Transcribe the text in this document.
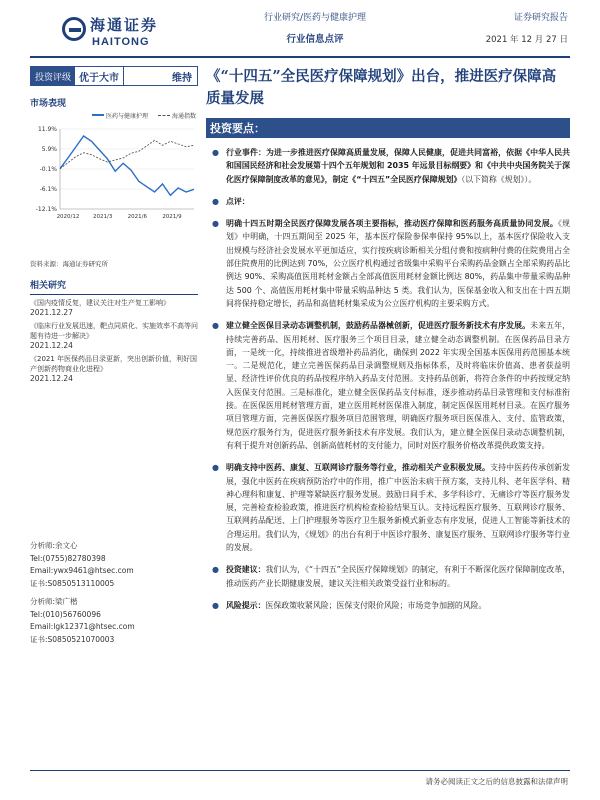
海通证券
HAITONG
行业研究/医药与健康护理
行业信息点评
证券研究报告
2021 年 12 月 27 日
投资评级 优于大市	维持
市场表现
医药与健康护理	海通指数
11.9%
5.9%
-0.1%
-6.1%
-12.1%
2020/12 2021/3	2021/6	2021/9
资料来源：海通证券研究所
相关研究
《国内疫情反复，建议关注对生产复工影响》
2021.12.27
《临床行业发展迅速，靶点同质化、实施效率不高等问题有待进一步解决》
2021.12.24
《2021 年医保药品目录更新，突出创新价值，利好国产创新药物商业化进程》
2021.12.24
分析师:余文心
Tel:(0755)82780398
Email:ywx9461@htsec.com
证书:S0850513110005
分析师:梁广楷
Tel:(010)56760096
Email:lgk12371@htsec.com
证书:S0850521070003
《“十四五”全民医疗保障规划》出台，推进医疗保障高质量发展
投资要点：
● 行业事件：为进一步推进医疗保障高质量发展，保障人民健康，促进共同富裕，依据《中华人民共和国国民经济和社会发展第十四个五年规划和 2035 年远景目标纲要》和《中共中央国务院关于深化医疗保障制度改革的意见》，制定《“十四五”全民医疗保障规划》（以下简称《规划》）。
● 点评：
● 明确十四五时期全民医疗保障发展各项主要指标，推动医疗保障和医药服务高质量协同发展。《规划》中明确，十四五期间至 2025 年，基本医疗保险参保率保持 95%以上，基本医疗保险收入支出规模与经济社会发展水平更加适应，实行按疾病诊断相关分组付费和按病种付费的住院费用占全部住院费用的比例达到 70%，公立医疗机构通过省级集中采购平台采购药品金额占全部采购药品比例达 90%、采购高值医用耗材金额占全部高值医用耗材金额比例达 80%，药品集中带量采购品种达 500 个、高值医用耗材集中带量采购品种达 5 类。我们认为，医保基金收入和支出在十四五期间将保持稳定增长，药品和高值耗材集采成为公立医疗机构的主要采购方式。
● 建立健全医保目录动态调整机制，鼓励药品器械创新，促进医疗服务新技术有序发展。未来五年，持续完善药品、医用耗材、医疗服务三个项目目录，建立健全动态调整机制。在医保药品目录方面，一是统一化，持续推进省级增补药品消化，确保到 2022 年实现全国基本医保用药范围基本统一。二是规范化，建立完善医保药品目录调整规则及指标体系，及时将临床价值高、患者获益明显、经济性评价优良的药品按程序纳入药品支付范围。支持药品创新，将符合条件的中药按规定纳入医保支付范围。三是标准化，建立健全医保药品支付标准，逐步推动药品目录管理和支付标准衔接。在医保医用耗材管理方面，建立医用耗材医保准入制度，制定医保医用耗材目录。在医疗服务项目管理方面，完善医保医疗服务项目范围管理，明确医疗服务项目医保准入、支付、监管政策，规范医疗服务行为，促进医疗服务新技术有序发展。我们认为，建立健全医保目录动态调整机制，有利于提升对创新药品、创新高值耗材的支付能力，同时对医疗服务价格改革提供政策支持。
● 明确支持中医药、康复、互联网诊疗服务等行业，推动相关产业积极发展。支持中医药传承创新发展，强化中医药在疾病预防治疗中的作用，推广中医治未病干预方案，支持儿科、老年医学科、精神心理科和康复、护理等紧缺医疗服务发展。鼓励日间手术、多学科诊疗、无痛诊疗等医疗服务发展，完善检查检验政策，推进医疗机构检查检验结果互认。支持远程医疗服务、互联网诊疗服务、互联网药品配送、上门护理服务等医疗卫生服务新模式新业态有序发展，促进人工智能等新技术的合理运用。我们认为，《规划》的出台有利于中医诊疗服务、康复医疗服务、互联网诊疗服务等行业的发展。
● 投资建议：我们认为，《“十四五”全民医疗保障规划》的制定，有利于不断深化医疗保障制度改革，推动医药产业长期健康发展，建议关注相关政策受益行业和标的。
● 风险提示：医保政策收紧风险；医保支付限价风险；市场竞争加剧的风险。
请务必阅读正文之后的信息披露和法律声明
